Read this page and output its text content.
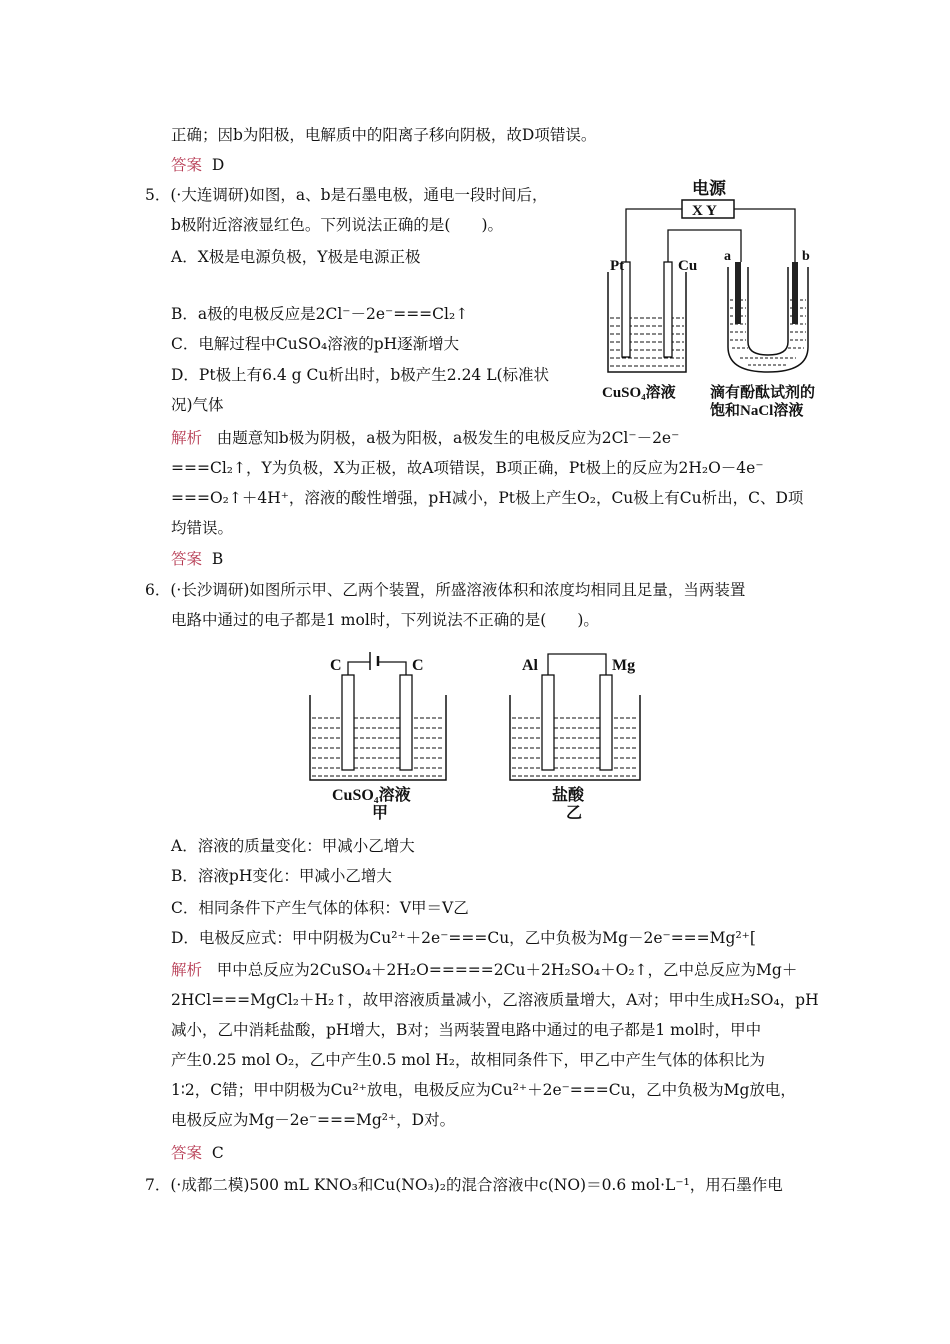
正确；因b为阳极，电解质中的阳离子移向阴极，故D项错误。
答案 D
5．(·大连调研)如图，a、b是石墨电极，通电一段时间后，
b极附近溶液显红色。下列说法正确的是(　　)。
A．X极是电源负极，Y极是电源正极
B．a极的电极反应是2Cl⁻－2e⁻===Cl₂↑
C．电解过程中CuSO₄溶液的pH逐渐增大
D．Pt极上有6.4 g Cu析出时，b极产生2.24 L(标准状
况)气体
电源
X Y
Pt	Cu
a	b
CuSO₄溶液 滴有酚酞试剂的
饱和NaCl溶液
解析 由题意知b极为阴极，a极为阳极，a极发生的电极反应为2Cl⁻－2e⁻
===Cl₂↑，Y为负极，X为正极，故A项错误，B项正确，Pt极上的反应为2H₂O－4e⁻
===O₂↑＋4H⁺，溶液的酸性增强，pH减小，Pt极上产生O₂，Cu极上有Cu析出，C、D项
均错误。
答案 B
6．(·长沙调研)如图所示甲、乙两个装置，所盛溶液体积和浓度均相同且足量，当两装置
电路中通过的电子都是1 mol时，下列说法不正确的是(　　)。
C	C
CuSO₄溶液
甲
Al	Mg
盐酸
乙
A．溶液的质量变化：甲减小乙增大
B．溶液pH变化：甲减小乙增大
C．相同条件下产生气体的体积：V甲＝V乙
D．电极反应式：甲中阴极为Cu²⁺＋2e⁻===Cu，乙中负极为Mg－2e⁻===Mg²⁺[
解析 甲中总反应为2CuSO₄＋2H₂O=====2Cu＋2H₂SO₄＋O₂↑，乙中总反应为Mg＋
2HCl===MgCl₂＋H₂↑，故甲溶液质量减小，乙溶液质量增大，A对；甲中生成H₂SO₄，pH
减小，乙中消耗盐酸，pH增大，B对；当两装置电路中通过的电子都是1 mol时，甲中
产生0.25 mol O₂，乙中产生0.5 mol H₂，故相同条件下，甲乙中产生气体的体积比为
1∶2，C错；甲中阴极为Cu²⁺放电，电极反应为Cu²⁺＋2e⁻===Cu，乙中负极为Mg放电，
电极反应为Mg－2e⁻===Mg²⁺，D对。
答案 C
7．(·成都二模)500 mL KNO₃和Cu(NO₃)₂的混合溶液中c(NO)＝0.6 mol·L⁻¹，用石墨作电
